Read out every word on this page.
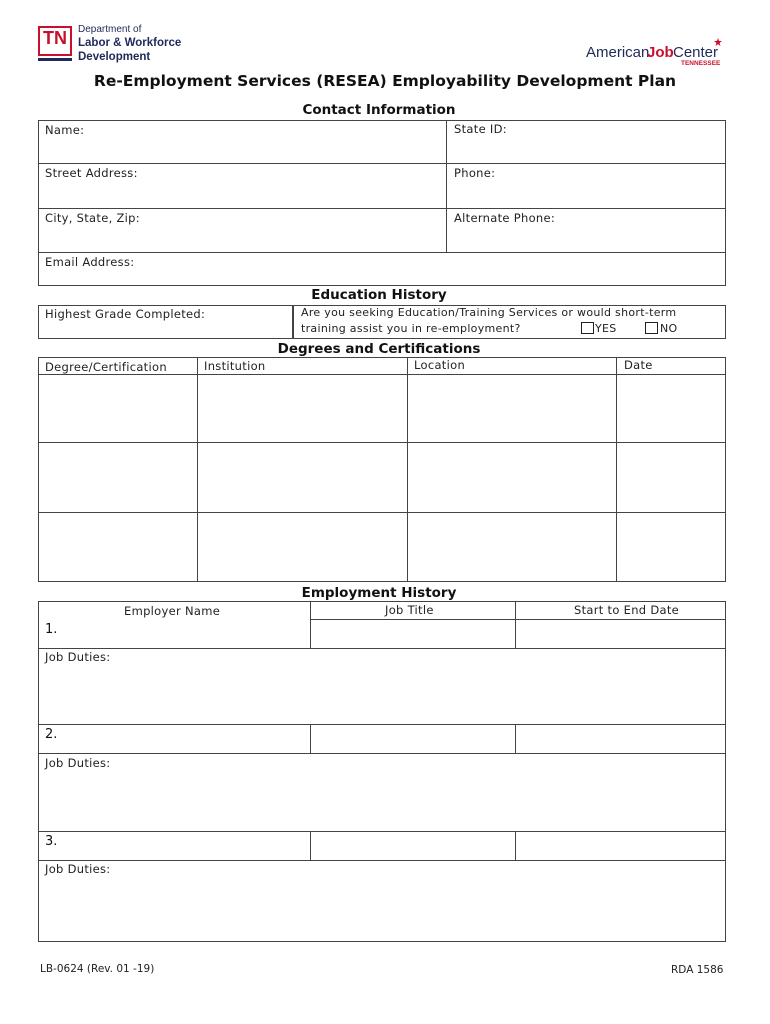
TN	Department of
Labor & Workforce
Development	American
Job Center
TENNESSEE
Re-Employment Services (RESEA) Employability Development Plan
Contact Information
Name:	State ID:
Street Address:	Phone:
City, State, Zip:	Alternate Phone:
Email Address:
Education History
Highest Grade Completed:	Are you seeking Education/Training Services or would short-term
training assist you in re-employment?	YES	NO
Degrees and Certifications
Degree/Certification	Institution	Location	Date
Employment History
Employer Name	Job Title	Start to End Date
1.
Job Duties:
2.
Job Duties:
3.
Job Duties:
LB-0624 (Rev. 01 -19)	RDA 1586
